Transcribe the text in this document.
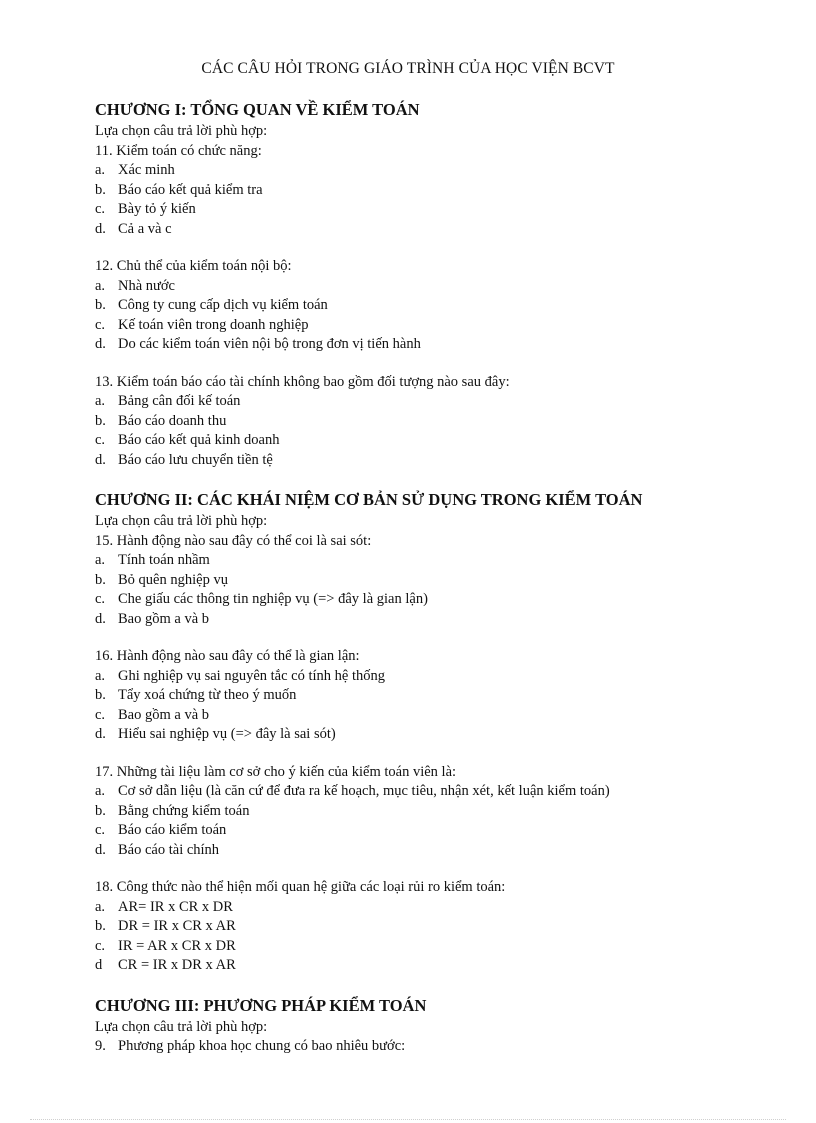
CÁC CÂU HỎI TRONG GIÁO TRÌNH CỦA HỌC VIỆN BCVT
CHƯƠNG I: TỔNG QUAN VỀ KIỂM TOÁN

Lựa chọn câu trả lời phù hợp:

11. Kiểm toán có chức năng:

a. Xác minh
b. Báo cáo kết quả kiểm tra
c. Bày tỏ ý kiến
d. Cả a và c

12. Chủ thể của kiểm toán nội bộ:

a. Nhà nước
b. Công ty cung cấp dịch vụ kiểm toán
c. Kế toán viên trong doanh nghiệp
d. Do các kiểm toán viên nội bộ trong đơn vị tiến hành

13. Kiểm toán báo cáo tài chính không bao gồm đối tượng nào sau đây:

a. Bảng cân đối kế toán
b. Báo cáo doanh thu
c. Báo cáo kết quả kinh doanh
d. Báo cáo lưu chuyển tiền tệ
CHƯƠNG II: CÁC KHÁI NIỆM CƠ BẢN SỬ DỤNG TRONG KIỂM TOÁN

Lựa chọn câu trả lời phù hợp:

15. Hành động nào sau đây có thể coi là sai sót:

a. Tính toán nhầm
b. Bỏ quên nghiệp vụ
c. Che giấu các thông tin nghiệp vụ (=> đây là gian lận)
d. Bao gồm a và b

16. Hành động nào sau đây có thể là gian lận:

a. Ghi nghiệp vụ sai nguyên tắc có tính hệ thống
b. Tẩy xoá chứng từ theo ý muốn
c. Bao gồm a và b
d. Hiểu sai nghiệp vụ (=> đây là sai sót)

17. Những tài liệu làm cơ sở cho ý kiến của kiểm toán viên là:

a. Cơ sở dẫn liệu (là căn cứ để đưa ra kế hoạch, mục tiêu, nhận xét, kết luận kiểm toán)
b. Bằng chứng kiểm toán
c. Báo cáo kiểm toán
d. Báo cáo tài chính

18. Công thức nào thể hiện mối quan hệ giữa các loại rủi ro kiểm toán:

a. AR= IR x CR x DR
b. DR = IR x CR x AR
c. IR = AR x CR x DR
d	CR = IR x DR x AR
CHƯƠNG III: PHƯƠNG PHÁP KIỂM TOÁN

Lựa chọn câu trả lời phù hợp:

9. Phương pháp khoa học chung có bao nhiêu bước:
